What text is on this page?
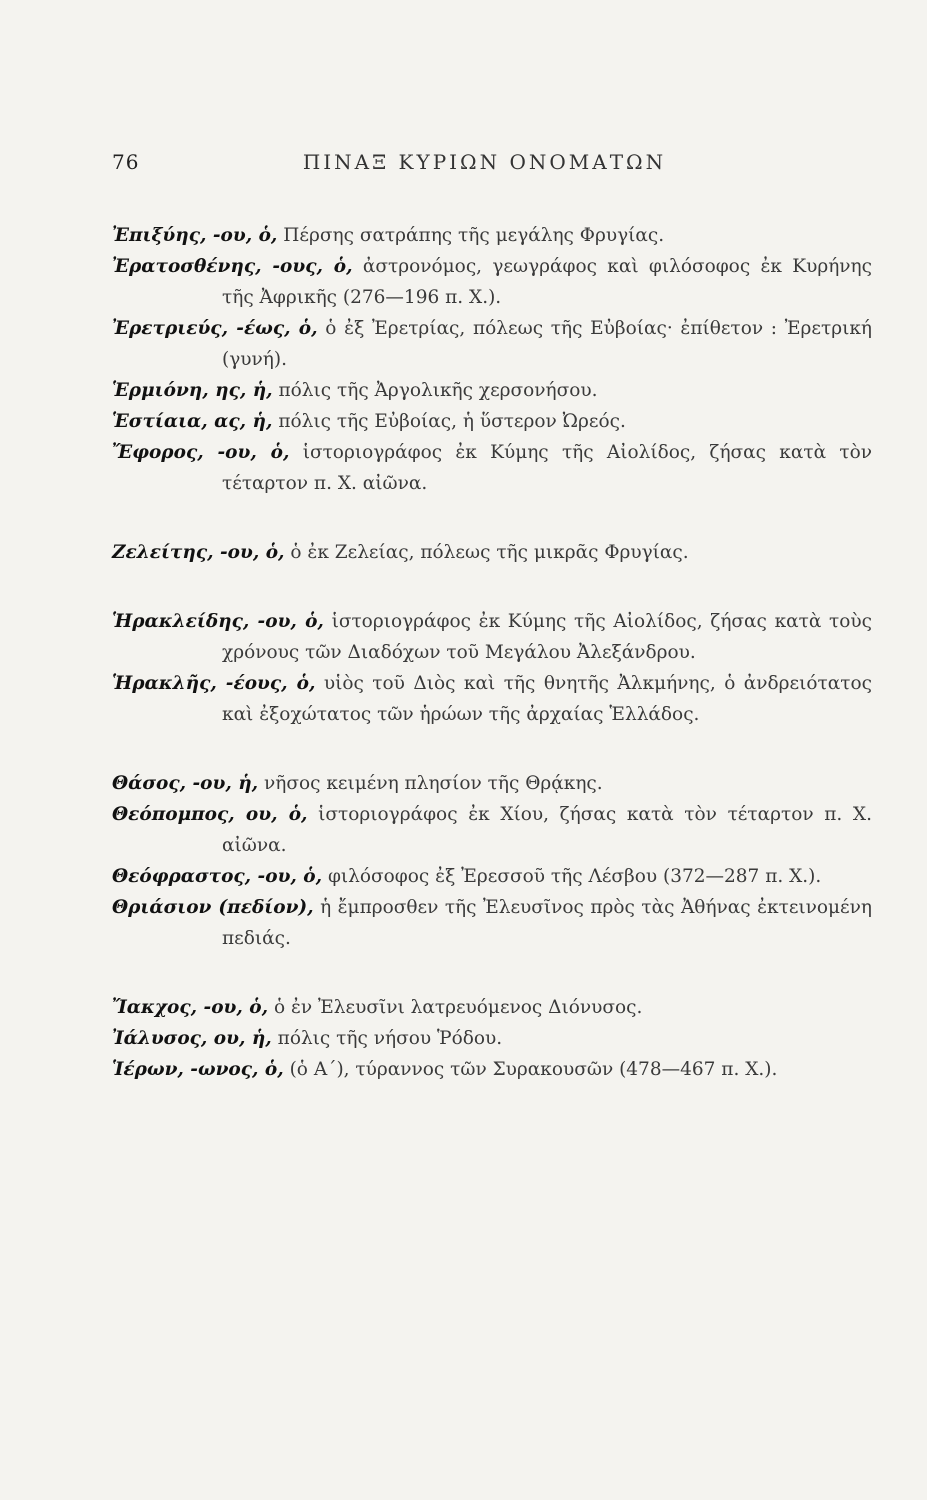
76	ΠΙΝΑΞ ΚΥΡΙΩΝ ΟΝΟΜΑΤΩΝ

Ἐπιξύης, -ου, ὁ, Πέρσης σατράπης τῆς μεγάλης Φρυγίας.

Ἐρατοσθένης, -ους, ὁ, ἀστρονόμος, γεωγράφος καὶ φιλόσοφος ἐκ Κυρήνης τῆς Ἀφρικῆς (276—196 π. Χ.).

Ἐρετριεύς, -έως, ὁ, ὁ ἐξ Ἐρετρίας, πόλεως τῆς Εὐβοίας· ἐπίθετον : Ἐρετρική (γυνή).

Ἑρμιόνη, ης, ἡ, πόλις τῆς Ἀργολικῆς χερσονήσου.

Ἑστίαια, ας, ἡ, πόλις τῆς Εὐβοίας, ἡ ὕστερον Ὠρεός.

Ἔφορος, -ου, ὁ, ἱστοριογράφος ἐκ Κύμης τῆς Αἰολίδος, ζήσας κατὰ τὸν τέταρτον π. Χ. αἰῶνα.

Ζελείτης, -ου, ὁ, ὁ ἐκ Ζελείας, πόλεως τῆς μικρᾶς Φρυγίας.

Ἡρακλείδης, -ου, ὁ, ἱστοριογράφος ἐκ Κύμης τῆς Αἰολίδος, ζήσας κατὰ τοὺς χρόνους τῶν Διαδόχων τοῦ Μεγάλου Ἀλεξάνδρου.

Ἡρακλῆς, -έους, ὁ, υἱὸς τοῦ Διὸς καὶ τῆς θνητῆς Ἀλκμήνης, ὁ ἀνδρειότατος καὶ ἐξοχώτατος τῶν ἡρώων τῆς ἀρχαίας Ἑλλάδος.

Θάσος, -ου, ἡ, νῆσος κειμένη πλησίον τῆς Θρᾴκης.

Θεόπομπος, ου, ὁ, ἱστοριογράφος ἐκ Χίου, ζήσας κατὰ τὸν τέταρτον π. Χ. αἰῶνα.

Θεόφραστος, -ου, ὁ, φιλόσοφος ἐξ Ἐρεσσοῦ τῆς Λέσβου (372—287 π. Χ.).

Θριάσιον (πεδίον), ἡ ἔμπροσθεν τῆς Ἐλευσῖνος πρὸς τὰς Ἀθήνας ἐκτεινομένη πεδιάς.

Ἴακχος, -ου, ὁ, ὁ ἐν Ἐλευσῖνι λατρευόμενος Διόνυσος.

Ἰάλυσος, ου, ἡ, πόλις τῆς νήσου Ῥόδου.

Ἱέρων, -ωνος, ὁ, (ὁ Α΄), τύραννος τῶν Συρακουσῶν (478—467 π. Χ.).
